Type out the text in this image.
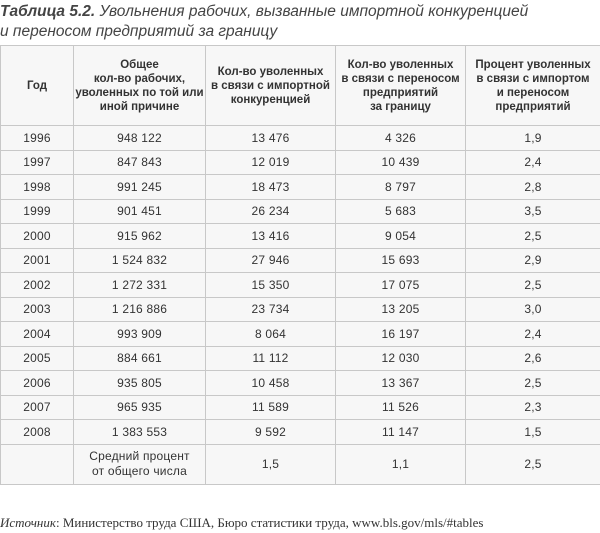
Таблица 5.2. Увольнения рабочих, вызванные импортной конкуренцией
и переносом предприятий за границу
Год	Общее
кол-во рабочих,
уволенных по той или
иной причине	Кол-во уволенных
в связи с импортной
конкуренцией	Кол-во уволенных
в связи с переносом
предприятий
за границу	Процент уволенных
в связи с импортом
и переносом
предприятий
1996	948 122	13 476	4 326	1,9
1997	847 843	12 019	10 439	2,4
1998	991 245	18 473	8 797	2,8
1999	901 451	26 234	5 683	3,5
2000	915 962	13 416	9 054	2,5
2001	1 524 832	27 946	15 693	2,9
2002	1 272 331	15 350	17 075	2,5
2003	1 216 886	23 734	13 205	3,0
2004	993 909	8 064	16 197	2,4
2005	884 661	11 112	12 030	2,6
2006	935 805	10 458	13 367	2,5
2007	965 935	11 589	11 526	2,3
2008	1 383 553	9 592	11 147	1,5
	Средний процент
от общего числа	1,5	1,1	2,5
Источник: Министерство труда США, Бюро статистики труда, www.bls.gov/mls/#tables
